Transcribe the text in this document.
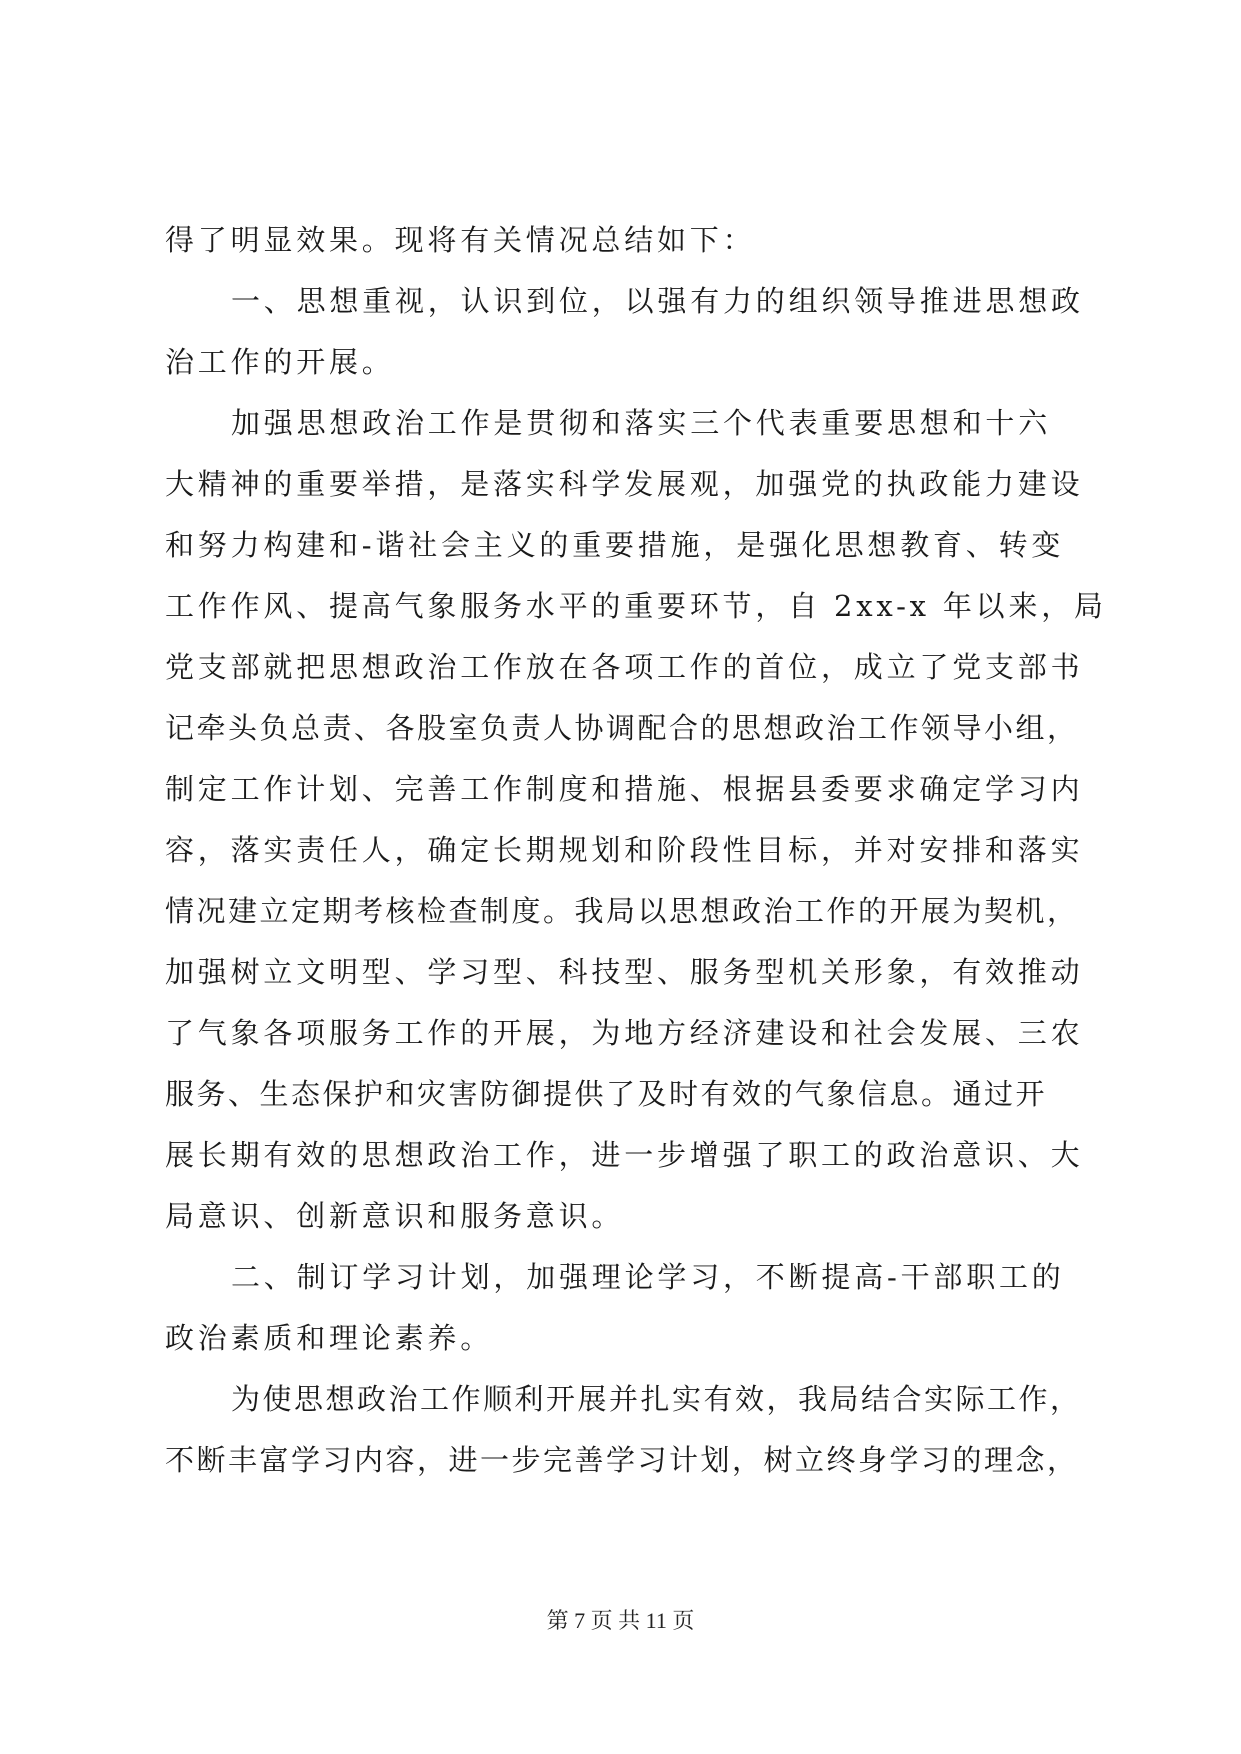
得了明显效果。现将有关情况总结如下：
一、思想重视，认识到位，以强有力的组织领导推进思想政
治工作的开展。
加强思想政治工作是贯彻和落实三个代表重要思想和十六
大精神的重要举措，是落实科学发展观，加强党的执政能力建设
和努力构建和-谐社会主义的重要措施，是强化思想教育、转变
工作作风、提高气象服务水平的重要环节，自 2xx-x 年以来，局
党支部就把思想政治工作放在各项工作的首位，成立了党支部书
记牵头负总责、各股室负责人协调配合的思想政治工作领导小组，
制定工作计划、完善工作制度和措施、根据县委要求确定学习内
容，落实责任人，确定长期规划和阶段性目标，并对安排和落实
情况建立定期考核检查制度。我局以思想政治工作的开展为契机，
加强树立文明型、学习型、科技型、服务型机关形象，有效推动
了气象各项服务工作的开展，为地方经济建设和社会发展、三农
服务、生态保护和灾害防御提供了及时有效的气象信息。通过开
展长期有效的思想政治工作，进一步增强了职工的政治意识、大
局意识、创新意识和服务意识。
二、制订学习计划，加强理论学习，不断提高-干部职工的
政治素质和理论素养。
为使思想政治工作顺利开展并扎实有效，我局结合实际工作，
不断丰富学习内容，进一步完善学习计划，树立终身学习的理念，
第 7 页 共 11 页
